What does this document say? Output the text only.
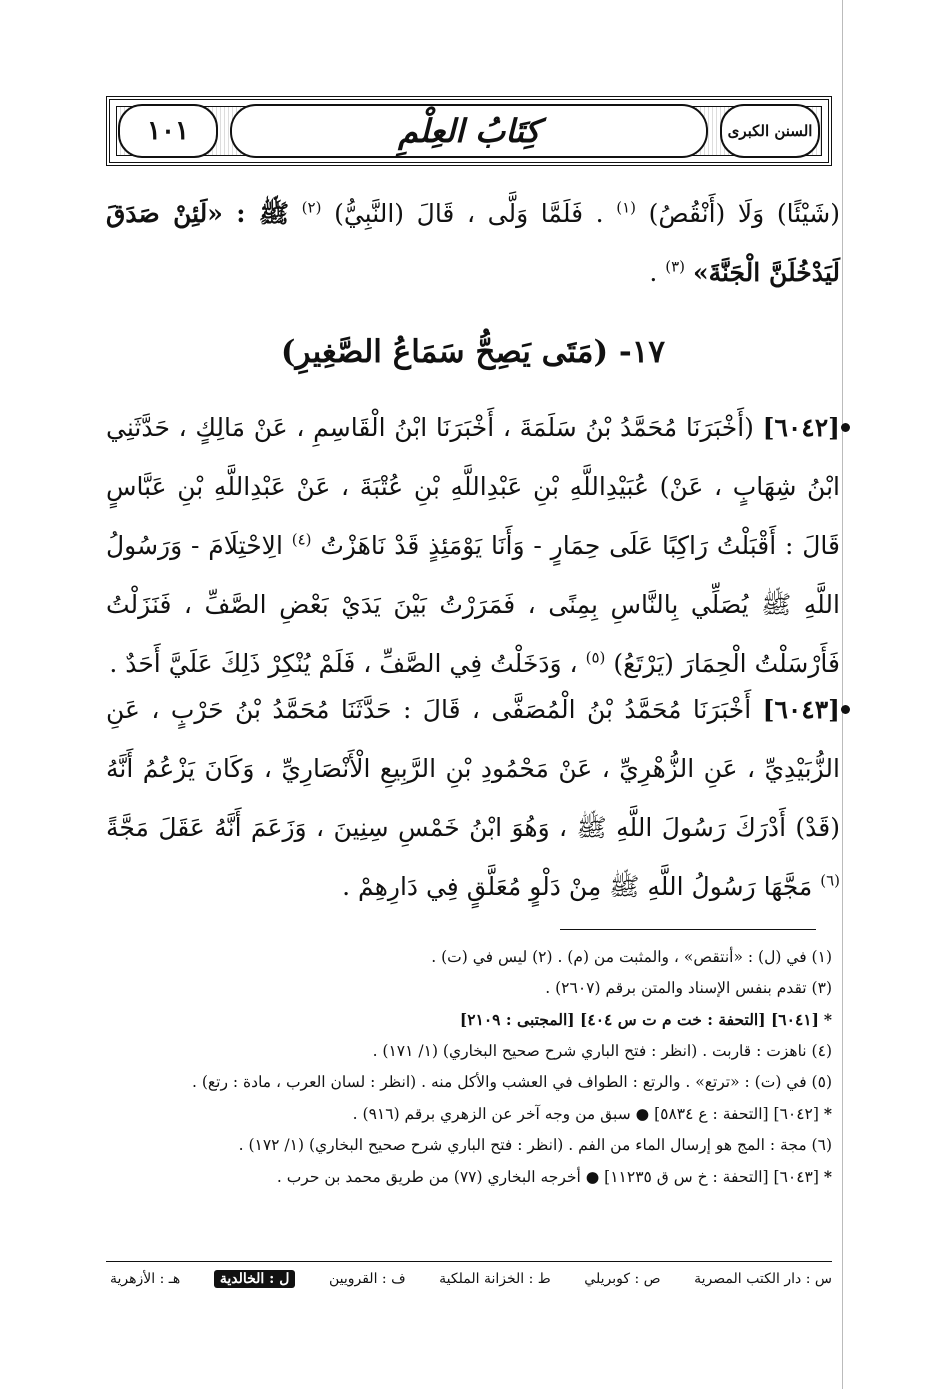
السنن الكبرى
كِتَابُ العِلْمِ
١٠١
(شَيْئًا) وَلَا (أَنْقُصُ) $^{(١)}$ . فَلَمَّا وَلَّى ، قَالَ (النَّبِيُّ) $^{(٢)}$ ﷺ : «لَئِنْ صَدَقَ لَيَدْخُلَنَّ الْجَنَّةَ» $^{(٣)}$ .
١٧- (مَتَى يَصِحُّ سَمَاعُ الصَّغِيرِ)
[٦٠٤٢] (أَخْبَرَنَا مُحَمَّدُ بْنُ سَلَمَةَ ، أَخْبَرَنَا ابْنُ الْقَاسِمِ ، عَنْ مَالِكٍ ، حَدَّثَنِي ابْنُ شِهَابٍ ، عَنْ) عُبَيْدِاللَّهِ بْنِ عَبْدِاللَّهِ بْنِ عُتْبَةَ ، عَنْ عَبْدِاللَّهِ بْنِ عَبَّاسٍ قَالَ : أَقْبَلْتُ رَاكِبًا عَلَى حِمَارٍ - وَأَنَا يَوْمَئِذٍ قَدْ نَاهَزْتُ $^{(٤)}$ الِاحْتِلَامَ - وَرَسُولُ اللَّهِ ﷺ يُصَلِّي بِالنَّاسِ بِمِنًى ، فَمَرَرْتُ بَيْنَ يَدَيْ بَعْضِ الصَّفِّ ، فَنَزَلْتُ فَأَرْسَلْتُ الْحِمَارَ (يَرْتَعُ) $^{(٥)}$ ، وَدَخَلْتُ فِي الصَّفِّ ، فَلَمْ يُنْكِرْ ذَلِكَ عَلَيَّ أَحَدٌ .
[٦٠٤٣] أَخْبَرَنَا مُحَمَّدُ بْنُ الْمُصَفَّى ، قَالَ : حَدَّثَنَا مُحَمَّدُ بْنُ حَرْبٍ ، عَنِ الزُّبَيْدِيِّ ، عَنِ الزُّهْرِيِّ ، عَنْ مَحْمُودِ بْنِ الرَّبِيعِ الْأَنْصَارِيِّ ، وَكَانَ يَزْعُمُ أَنَّهُ (قَدْ) أَدْرَكَ رَسُولَ اللَّهِ ﷺ ، وَهُوَ ابْنُ خَمْسِ سِنِينَ ، وَزَعَمَ أَنَّهُ عَقَلَ مَجَّةً $^{(٦)}$ مَجَّهَا رَسُولُ اللَّهِ ﷺ مِنْ دَلْوٍ مُعَلَّقٍ فِي دَارِهِمْ .
(١) في (ل) : «أنتقص» ، والمثبت من (م) . (٢) ليس في (ت) .
(٣) تقدم بنفس الإسناد والمتن برقم (٢٦٠٧) .
* [٦٠٤١] [التحفة : خت م ت س ٤٠٤] [المجتبى : ٢١٠٩]
(٤) ناهزت : قاربت . (انظر : فتح الباري شرح صحيح البخاري) (١/ ١٧١) .
(٥) في (ت) : «ترتع» . والرتع : الطواف في العشب والأكل منه . (انظر : لسان العرب ، مادة : رتع) .
* [٦٠٤٢] [التحفة : ع ٥٨٣٤] ● سبق من وجه آخر عن الزهري برقم (٩١٦) .
(٦) مجة : المج هو إرسال الماء من الفم . (انظر : فتح الباري شرح صحيح البخاري) (١/ ١٧٢) .
* [٦٠٤٣] [التحفة : خ س ق ١١٢٣٥] ● أخرجه البخاري (٧٧) من طريق محمد بن حرب .
س : دار الكتب المصرية
ص : كوبريلي
ط : الخزانة الملكية
ف : القرويين
ل : الخالدية
هـ : الأزهرية
